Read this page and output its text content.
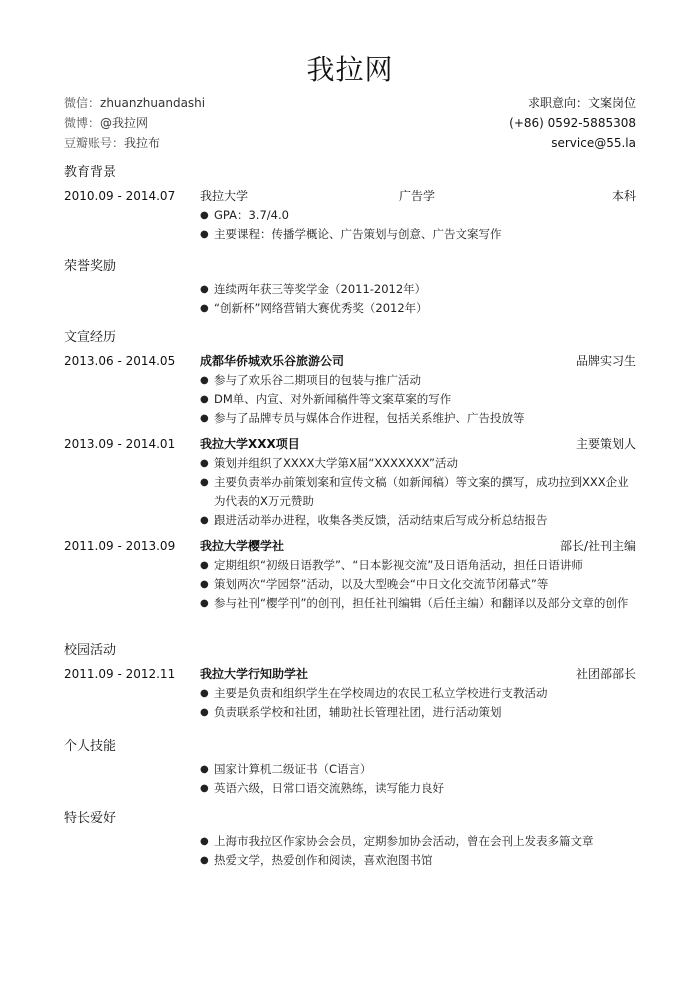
我拉网
微信：zhuanzhuandashi
微博：@我拉网
豆瓣账号：我拉布
求职意向：文案岗位
(+86) 0592-5885308
service@55.la
教育背景
2010.09 - 2014.07 我拉大学	广告学	本科
● GPA：3.7/4.0
● 主要课程：传播学概论、广告策划与创意、广告文案写作
荣誉奖励
● 连续两年获三等奖学金（2011-2012年）
● “创新杯”网络营销大赛优秀奖（2012年）
文宣经历
2013.06 - 2014.05 成都华侨城欢乐谷旅游公司	品牌实习生
● 参与了欢乐谷二期项目的包装与推广活动
● DM单、内宣、对外新闻稿件等文案草案的写作
● 参与了品牌专员与媒体合作进程，包括关系维护、广告投放等
2013.09 - 2014.01 我拉大学XXX项目	主要策划人
● 策划并组织了XXXX大学第X届“XXXXXXX”活动
● 主要负责举办前策划案和宣传文稿（如新闻稿）等文案的撰写，成功拉到XXX企业为代表的X万元赞助
● 跟进活动举办进程，收集各类反馈，活动结束后写成分析总结报告
2011.09 - 2013.09 我拉大学樱学社	部长/社刊主编
● 定期组织“初级日语教学”、“日本影视交流”及日语角活动，担任日语讲师
● 策划两次“学园祭”活动，以及大型晚会“中日文化交流节闭幕式”等
● 参与社刊“樱学刊”的创刊，担任社刊编辑（后任主编）和翻译以及部分文章的创作
校园活动
2011.09 - 2012.11 我拉大学行知助学社	社团部部长
● 主要是负责和组织学生在学校周边的农民工私立学校进行支教活动
● 负责联系学校和社团，辅助社长管理社团，进行活动策划
个人技能
● 国家计算机二级证书（C语言）
● 英语六级，日常口语交流熟练，读写能力良好
特长爱好
● 上海市我拉区作家协会会员，定期参加协会活动，曾在会刊上发表多篇文章
● 热爱文学，热爱创作和阅读，喜欢泡图书馆
